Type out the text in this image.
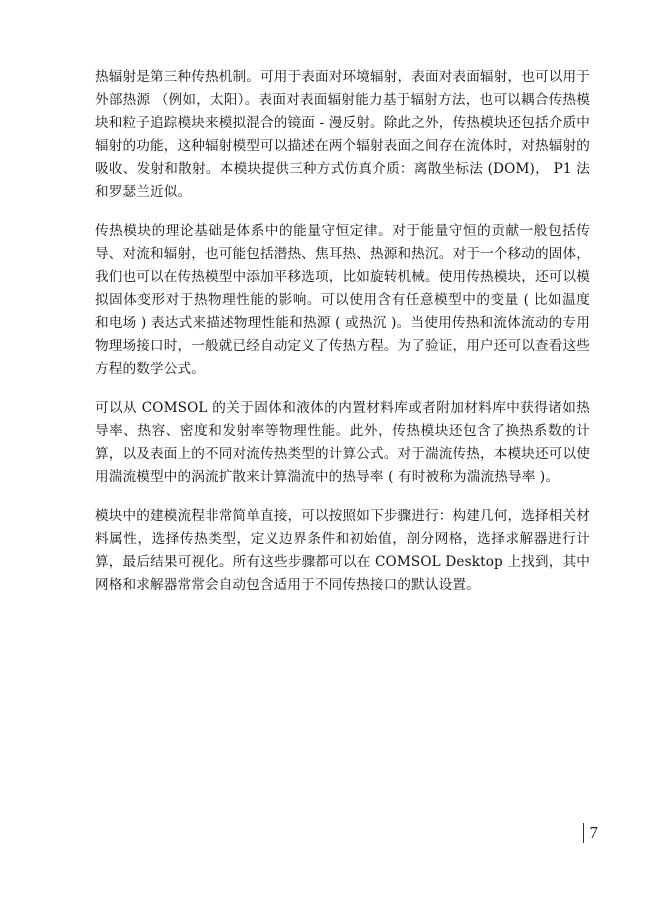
热辐射是第三种传热机制。可用于表面对环境辐射，表面对表面辐射，也可以用于外部热源 （例如，太阳）。表面对表面辐射能力基于辐射方法，也可以耦合传热模块和粒子追踪模块来模拟混合的镜面 - 漫反射。除此之外，传热模块还包括介质中辐射的功能，这种辐射模型可以描述在两个辐射表面之间存在流体时，对热辐射的吸收、发射和散射。本模块提供三种方式仿真介质：离散坐标法 (DOM)， P1 法和罗瑟兰近似。

传热模块的理论基础是体系中的能量守恒定律。对于能量守恒的贡献一般包括传导、对流和辐射，也可能包括潜热、焦耳热、热源和热沉。对于一个移动的固体，我们也可以在传热模型中添加平移选项，比如旋转机械。使用传热模块，还可以模拟固体变形对于热物理性能的影响。可以使用含有任意模型中的变量 ( 比如温度和电场 ) 表达式来描述物理性能和热源 ( 或热沉 )。当使用传热和流体流动的专用物理场接口时，一般就已经自动定义了传热方程。为了验证，用户还可以查看这些方程的数学公式。

可以从 COMSOL 的关于固体和液体的内置材料库或者附加材料库中获得诸如热导率、热容、密度和发射率等物理性能。此外，传热模块还包含了换热系数的计算，以及表面上的不同对流传热类型的计算公式。对于湍流传热，本模块还可以使用湍流模型中的涡流扩散来计算湍流中的热导率 ( 有时被称为湍流热导率 )。

模块中的建模流程非常简单直接，可以按照如下步骤进行：构建几何，选择相关材料属性，选择传热类型，定义边界条件和初始值，剖分网格，选择求解器进行计算，最后结果可视化。所有这些步骤都可以在 COMSOL Desktop 上找到，其中网格和求解器常常会自动包含适用于不同传热接口的默认设置。

7
